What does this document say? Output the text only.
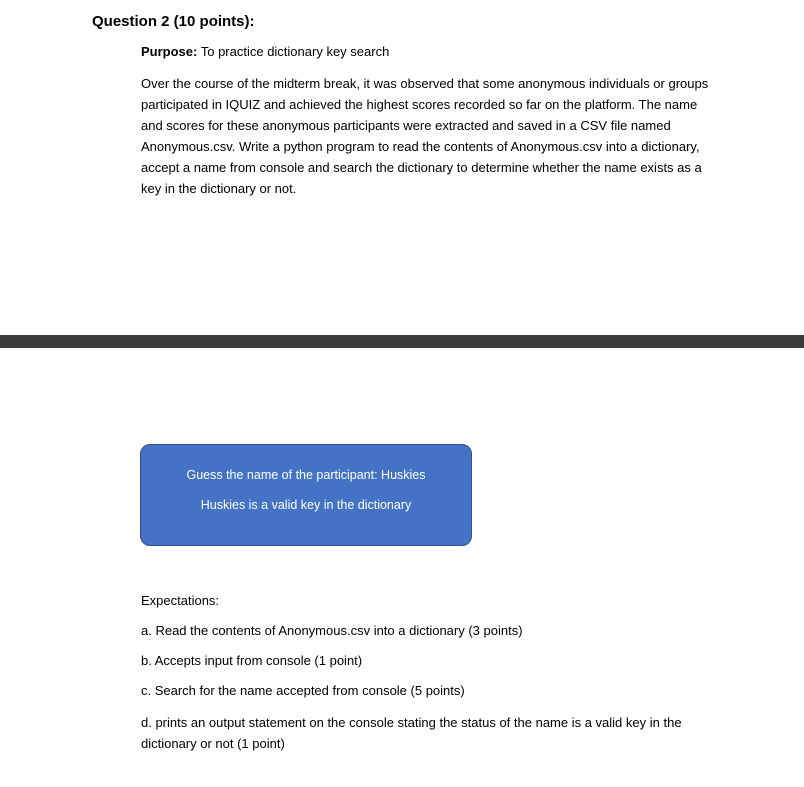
Question 2 (10 points):

Purpose: To practice dictionary key search

Over the course of the midterm break, it was observed that some anonymous individuals or groups participated in IQUIZ and achieved the highest scores recorded so far on the platform. The name and scores for these anonymous participants were extracted and saved in a CSV file named Anonymous.csv. Write a python program to read the contents of Anonymous.csv into a dictionary, accept a name from console and search the dictionary to determine whether the name exists as a key in the dictionary or not.

Guess the name of the participant: Huskies
Huskies is a valid key in the dictionary

Expectations:

a. Read the contents of Anonymous.csv into a dictionary (3 points)

b. Accepts input from console (1 point)

c. Search for the name accepted from console (5 points)

d. prints an output statement on the console stating the status of the name is a valid key in the dictionary or not (1 point)
